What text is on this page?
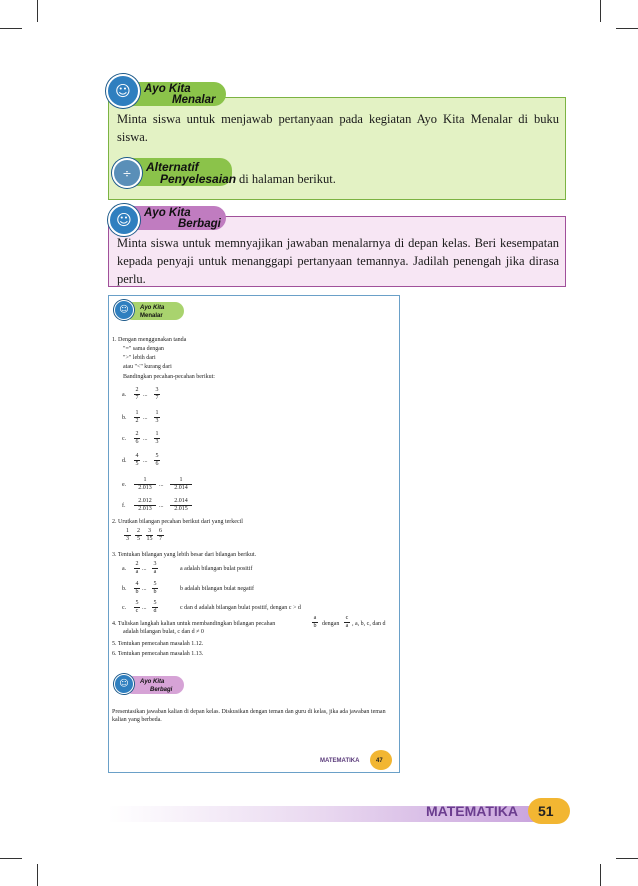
Minta siswa untuk menjawab pertanyaan pada kegiatan Ayo Kita Menalar di buku siswa.
Ayo Kita
Menalar
☺
Alternatif
Penyelesaian
÷	di halaman berikut.
Minta siswa untuk memnyajikan jawaban menalarnya di depan kelas. Beri kesempatan kepada penyaji untuk menanggapi pertanyaan temannya. Jadilah penengah jika dirasa perlu.
Ayo Kita
Berbagi
☺
Ayo Kita
Menalar
☺
1. Dengan menggunakan tanda
"=" sama dengan
">" lebih dari
atau "<" kurang dari
Bandingkan pecahan-pecahan berikut:
a. $\frac{2}{7}$ ... $\frac{3}{7}$
b. $\frac{1}{2}$ ... $\frac{1}{3}$
c. $\frac{2}{6}$ ... $\frac{1}{3}$
d. $\frac{4}{5}$ ... $\frac{5}{6}$
e. $\frac{1}{2.013}$ ... $\frac{1}{2.014}$
f. $\frac{2.012}{2.013}$ ... $\frac{2.014}{2.015}$
2. Urutkan bilangan pecahan berikut dari yang terkecil
$\frac{1}{3} \frac{2}{5} \frac{3}{15} \frac{6}{7}$
3. Tentukan bilangan yang lebih besar dari bilangan berikut.
a. $\frac{2}{a}$ ... $\frac{3}{a}$	a adalah bilangan bulat positif
b. $\frac{4}{b}$ ... $\frac{5}{b}$	b adalah bilangan bulat negatif
c. $\frac{5}{c}$ ... $\frac{5}{d}$	c dan d adalah bilangan bulat positif, dengan c > d
4. Tuliskan langkah kalian untuk membandingkan bilangan pecahan	$\frac{a}{b}$ dengan $\frac{c}{a}$ , a, b, c, dan d
adalah bilangan bulat, c dan d ≠ 0
5. Tentukan pemecahan masalah 1.12.
6. Tentukan pemecahan masalah 1.13.
Ayo Kita
Berbagi
☺
Presentasikan jawaban kalian di depan kelas. Diskusikan dengan teman dan guru di kelas, jika ada jawaban teman kalian yang berbeda.
MATEMATIKA	47
MATEMATIKA 51
